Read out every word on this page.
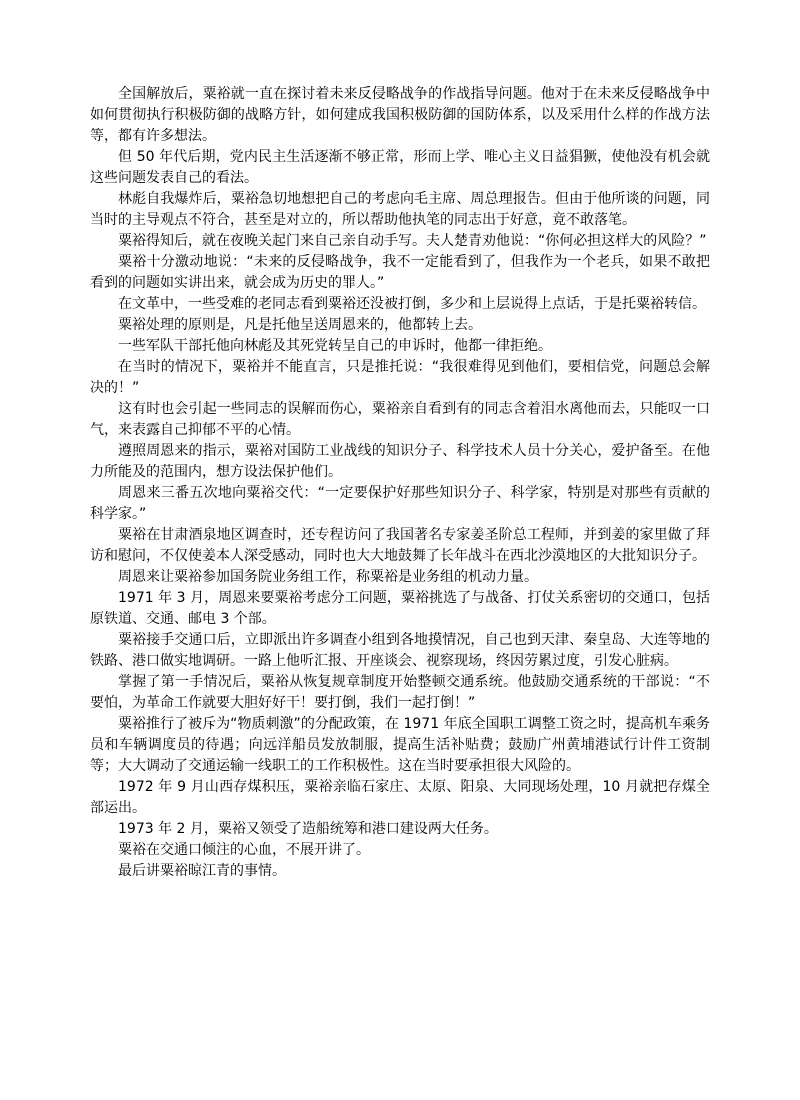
全国解放后，粟裕就一直在探讨着未来反侵略战争的作战指导问题。他对于在未来反侵略战争中如何贯彻执行积极防御的战略方针，如何建成我国积极防御的国防体系，以及采用什么样的作战方法等，都有许多想法。

但 50 年代后期，党内民主生活逐渐不够正常，形而上学、唯心主义日益猖獗，使他没有机会就这些问题发表自己的看法。

林彪自我爆炸后，粟裕急切地想把自己的考虑向毛主席、周总理报告。但由于他所谈的问题，同当时的主导观点不符合，甚至是对立的，所以帮助他执笔的同志出于好意，竟不敢落笔。

粟裕得知后，就在夜晚关起门来自己亲自动手写。夫人楚青劝他说：“你何必担这样大的风险？”

粟裕十分激动地说：“未来的反侵略战争，我不一定能看到了，但我作为一个老兵，如果不敢把看到的问题如实讲出来，就会成为历史的罪人。”

在文革中，一些受难的老同志看到粟裕还没被打倒，多少和上层说得上点话，于是托粟裕转信。

粟裕处理的原则是，凡是托他呈送周恩来的，他都转上去。

一些军队干部托他向林彪及其死党转呈自己的申诉时，他都一律拒绝。

在当时的情况下，粟裕并不能直言，只是推托说：“我很难得见到他们，要相信党，问题总会解决的！”

这有时也会引起一些同志的误解而伤心，粟裕亲自看到有的同志含着泪水离他而去，只能叹一口气，来表露自己抑郁不平的心情。

遵照周恩来的指示，粟裕对国防工业战线的知识分子、科学技术人员十分关心，爱护备至。在他力所能及的范围内，想方设法保护他们。

周恩来三番五次地向粟裕交代：“一定要保护好那些知识分子、科学家，特别是对那些有贡献的科学家。”

粟裕在甘肃酒泉地区调查时，还专程访问了我国著名专家姜圣阶总工程师，并到姜的家里做了拜访和慰问，不仅使姜本人深受感动，同时也大大地鼓舞了长年战斗在西北沙漠地区的大批知识分子。

周恩来让粟裕参加国务院业务组工作，称粟裕是业务组的机动力量。

1971 年 3 月，周恩来要粟裕考虑分工问题，粟裕挑选了与战备、打仗关系密切的交通口，包括原铁道、交通、邮电 3 个部。

粟裕接手交通口后，立即派出许多调查小组到各地摸情况，自己也到天津、秦皇岛、大连等地的铁路、港口做实地调研。一路上他听汇报、开座谈会、视察现场，终因劳累过度，引发心脏病。

掌握了第一手情况后，粟裕从恢复规章制度开始整顿交通系统。他鼓励交通系统的干部说：“不要怕，为革命工作就要大胆好好干！要打倒，我们一起打倒！”

粟裕推行了被斥为“物质刺激”的分配政策，在 1971 年底全国职工调整工资之时，提高机车乘务员和车辆调度员的待遇；向远洋船员发放制服，提高生活补贴费；鼓励广州黄埔港试行计件工资制等；大大调动了交通运输一线职工的工作积极性。这在当时要承担很大风险的。

1972 年 9 月山西存煤积压，粟裕亲临石家庄、太原、阳泉、大同现场处理，10 月就把存煤全部运出。

1973 年 2 月，粟裕又领受了造船统筹和港口建设两大任务。

粟裕在交通口倾注的心血，不展开讲了。

最后讲粟裕晾江青的事情。
